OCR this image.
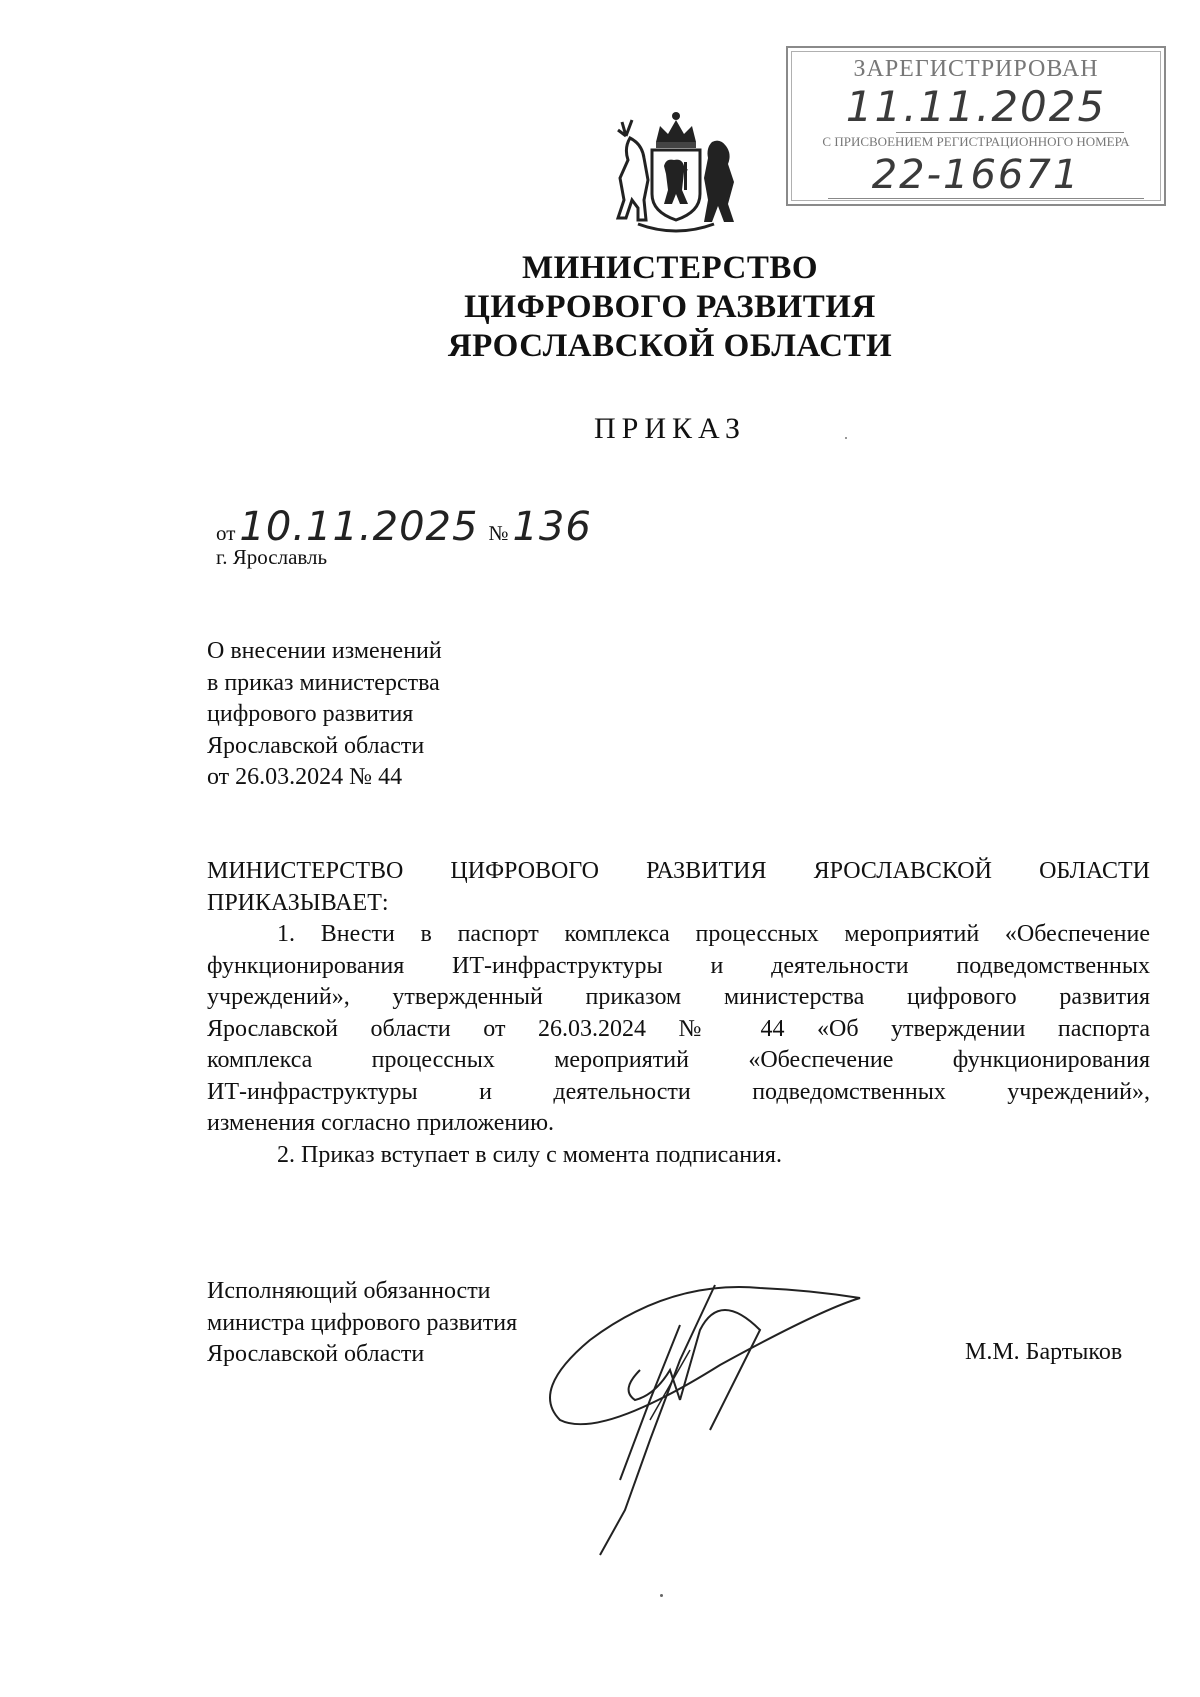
ЗАРЕГИСТРИРОВАН
11.11.2025
С ПРИСВОЕНИЕМ РЕГИСТРАЦИОННОГО НОМЕРА
22-16671
МИНИСТЕРСТВО
ЦИФРОВОГО РАЗВИТИЯ
ЯРОСЛАВСКОЙ ОБЛАСТИ
ПРИКАЗ
от 10.11.2025 № 136
г. Ярославль
О внесении изменений
в приказ министерства
цифрового развития
Ярославской области
от 26.03.2024 № 44

МИНИСТЕРСТВО ЦИФРОВОГО РАЗВИТИЯ ЯРОСЛАВСКОЙ ОБЛАСТИ

ПРИКАЗЫВАЕТ:

1. Внести в паспорт комплекса процессных мероприятий «Обеспечение

функционирования ИТ-инфраструктуры и деятельности подведомственных

учреждений», утвержденный приказом министерства цифрового развития

Ярославской области от 26.03.2024 № 44 «Об утверждении паспорта

комплекса процессных мероприятий «Обеспечение функционирования

ИТ-инфраструктуры и деятельности подведомственных учреждений»,

изменения согласно приложению.

2. Приказ вступает в силу с момента подписания.

Исполняющий обязанности
министра цифрового развития
Ярославской области	М.М. Бартыков
